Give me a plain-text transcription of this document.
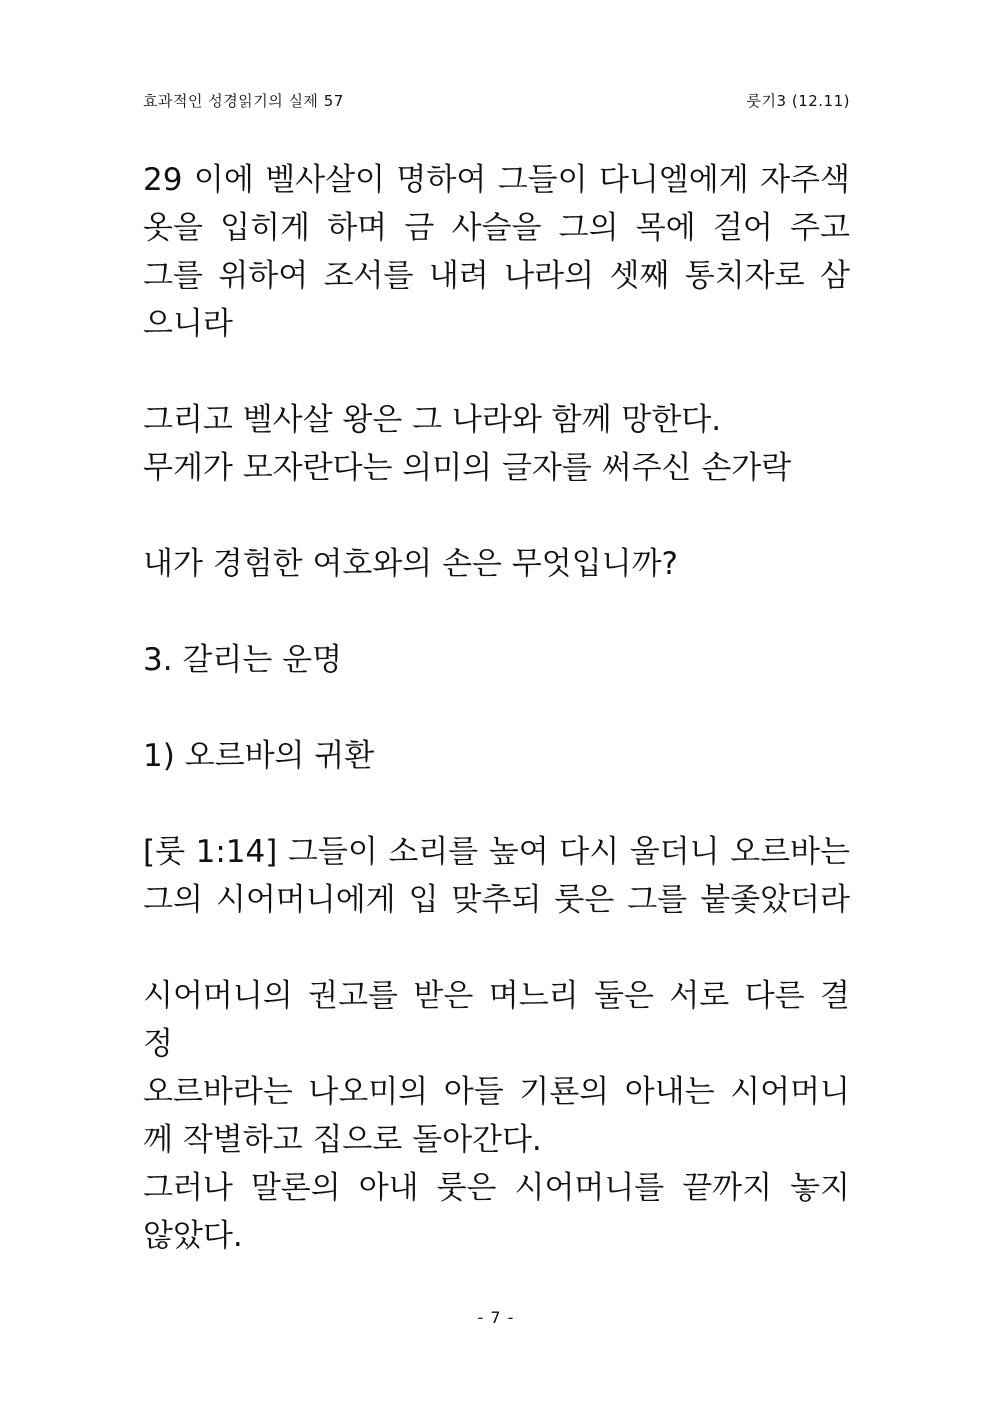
효과적인 성경읽기의 실제 57	룻기3 (12.11)
29 이에 벨사살이 명하여 그들이 다니엘에게 자주색
옷을 입히게 하며 금 사슬을 그의 목에 걸어 주고
그를 위하여 조서를 내려 나라의 셋째 통치자로 삼
으니라
그리고 벨사살 왕은 그 나라와 함께 망한다.
무게가 모자란다는 의미의 글자를 써주신 손가락
내가 경험한 여호와의 손은 무엇입니까?
3. 갈리는 운명
1) 오르바의 귀환
[룻 1:14] 그들이 소리를 높여 다시 울더니 오르바는
그의 시어머니에게 입 맞추되 룻은 그를 붙좇았더라
시어머니의 권고를 받은 며느리 둘은 서로 다른 결
정
오르바라는 나오미의 아들 기룐의 아내는 시어머니
께 작별하고 집으로 돌아간다.
그러나 말론의 아내 룻은 시어머니를 끝까지 놓지
않았다.
- 7 -
